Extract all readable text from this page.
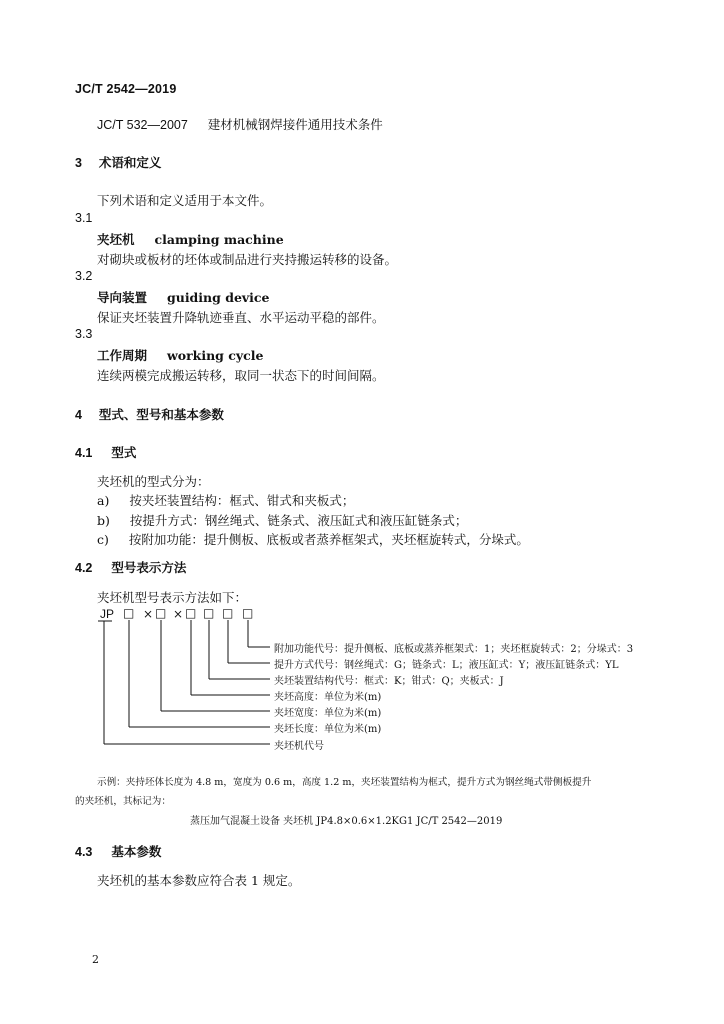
JC/T 2542—2019
JC/T 532—2007 建材机械钢焊接件通用技术条件
3 术语和定义
下列术语和定义适用于本文件。
3.1
夹坯机 clamping machine
对砌块或板材的坯体或制品进行夹持搬运转移的设备。
3.2
导向装置 guiding device
保证夹坯装置升降轨迹垂直、水平运动平稳的部件。
3.3
工作周期 working cycle
连续两模完成搬运转移，取同一状态下的时间间隔。
4 型式、型号和基本参数
4.1 型式
夹坯机的型式分为：
a) 按夹坯装置结构：框式、钳式和夹板式；
b) 按提升方式：钢丝绳式、链条式、液压缸式和液压缸链条式；
c) 按附加功能：提升侧板、底板或者蒸养框架式，夹坯框旋转式，分垛式。
4.2 型号表示方法
夹坯机型号表示方法如下：
JP □ × □ × □ □ □ □
附加功能代号：提升侧板、底板或蒸养框架式：1；夹坯框旋转式：2；分垛式：3
提升方式代号：钢丝绳式：G；链条式：L；液压缸式：Y；液压缸链条式：YL
夹坯装置结构代号：框式：K；钳式：Q；夹板式：J
夹坯高度：单位为米(m)
夹坯宽度：单位为米(m)
夹坯长度：单位为米(m)
夹坯机代号
示例：夹持坯体长度为 4.8 m，宽度为 0.6 m，高度 1.2 m，夹坯装置结构为框式，提升方式为钢丝绳式带侧板提升
的夹坯机，其标记为：
蒸压加气混凝土设备 夹坯机 JP4.8×0.6×1.2KG1 JC/T 2542—2019
4.3 基本参数
夹坯机的基本参数应符合表 1 规定。
2
